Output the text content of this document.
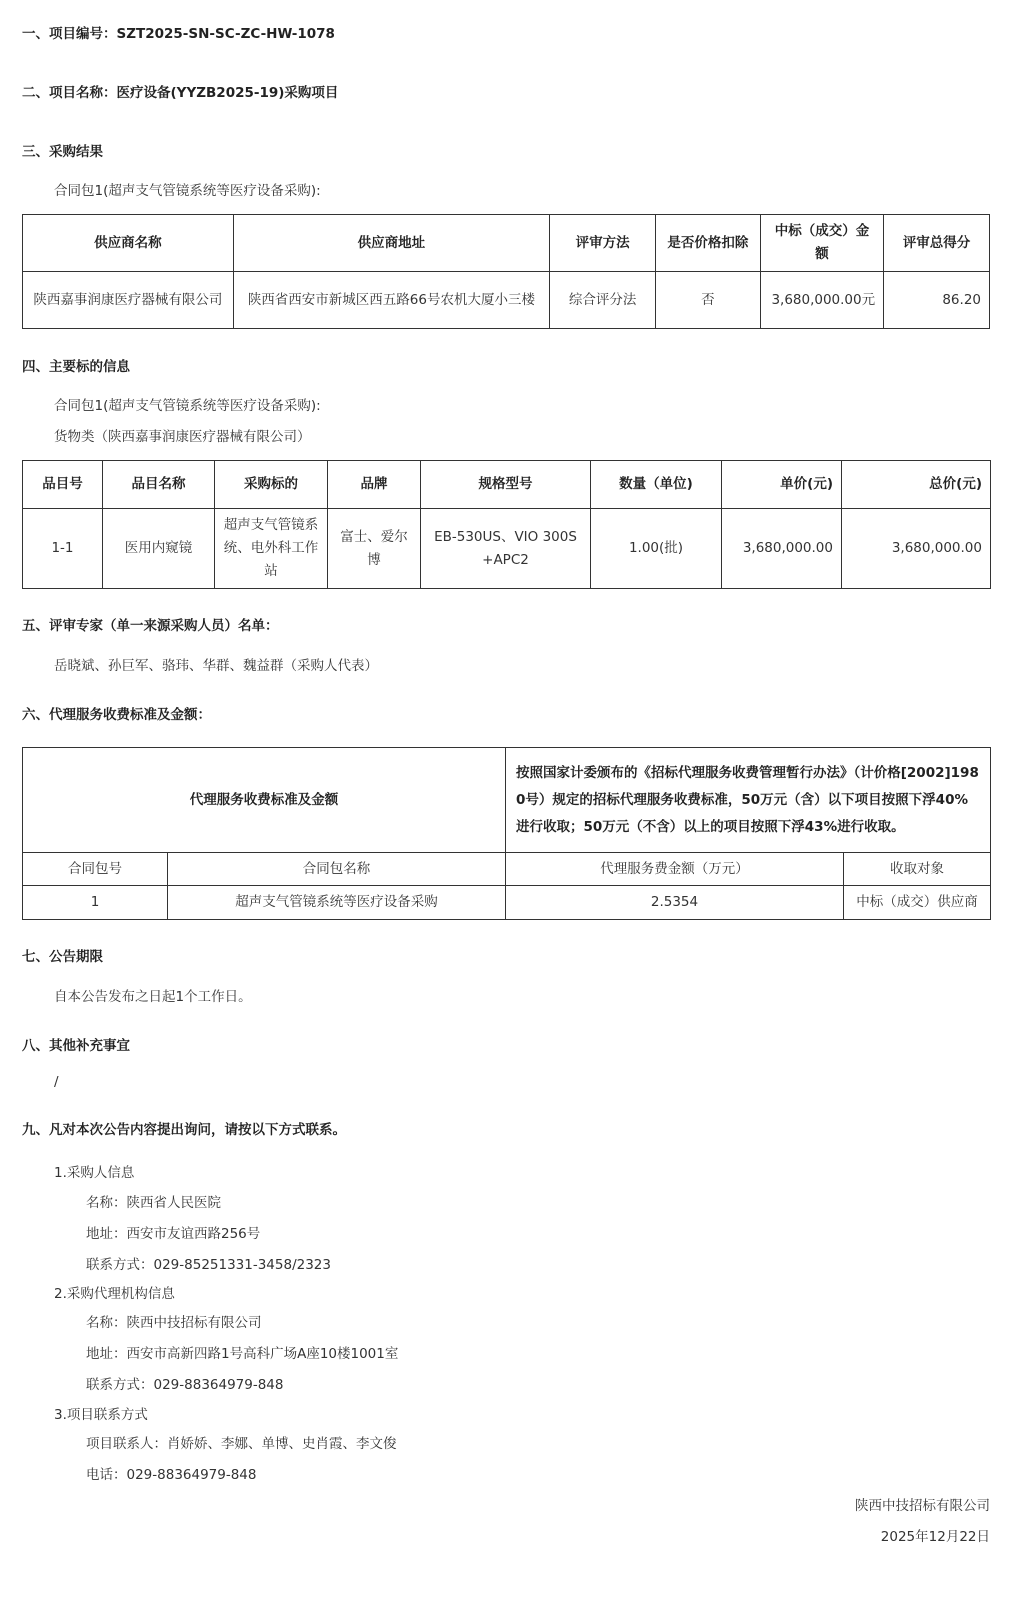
一、项目编号：SZT2025-SN-SC-ZC-HW-1078
二、项目名称：医疗设备(YYZB2025-19)采购项目
三、采购结果
合同包1(超声支气管镜系统等医疗设备采购):
供应商名称	供应商地址	评审方法	是否价格扣除	中标（成交）金额	评审总得分
陕西嘉事润康医疗器械有限公司	陕西省西安市新城区西五路66号农机大厦小三楼	综合评分法	否	3,680,000.00元	86.20
四、主要标的信息
合同包1(超声支气管镜系统等医疗设备采购):
货物类（陕西嘉事润康医疗器械有限公司）
品目号	品目名称	采购标的	品牌	规格型号	数量（单位)	单价(元)	总价(元)
1-1	医用内窥镜	超声支气管镜系统、电外科工作站	富士、爱尔博	EB-530US、VIO 300S+APC2	1.00(批)	3,680,000.00	3,680,000.00
五、评审专家（单一来源采购人员）名单：
岳晓斌、孙巨军、骆玮、华群、魏益群（采购人代表）
六、代理服务收费标准及金额：
代理服务收费标准及金额		按照国家计委颁布的《招标代理服务收费管理暂行办法》（计价格[2002]1980号）规定的招标代理服务收费标准，50万元（含）以下项目按照下浮40%进行收取；50万元（不含）以上的项目按照下浮43%进行收取。	
合同包号	合同包名称	代理服务费金额（万元）	收取对象
1	超声支气管镜系统等医疗设备采购	2.5354	中标（成交）供应商
七、公告期限
自本公告发布之日起1个工作日。
八、其他补充事宜
/
九、凡对本次公告内容提出询问，请按以下方式联系。
1.采购人信息
名称：陕西省人民医院
地址：西安市友谊西路256号
联系方式：029-85251331-3458/2323
2.采购代理机构信息
名称：陕西中技招标有限公司
地址：西安市高新四路1号高科广场A座10楼1001室
联系方式：029-88364979-848
3.项目联系方式
项目联系人：肖娇娇、李娜、单博、史肖霞、李文俊
电话：029-88364979-848
陕西中技招标有限公司
2025年12月22日
